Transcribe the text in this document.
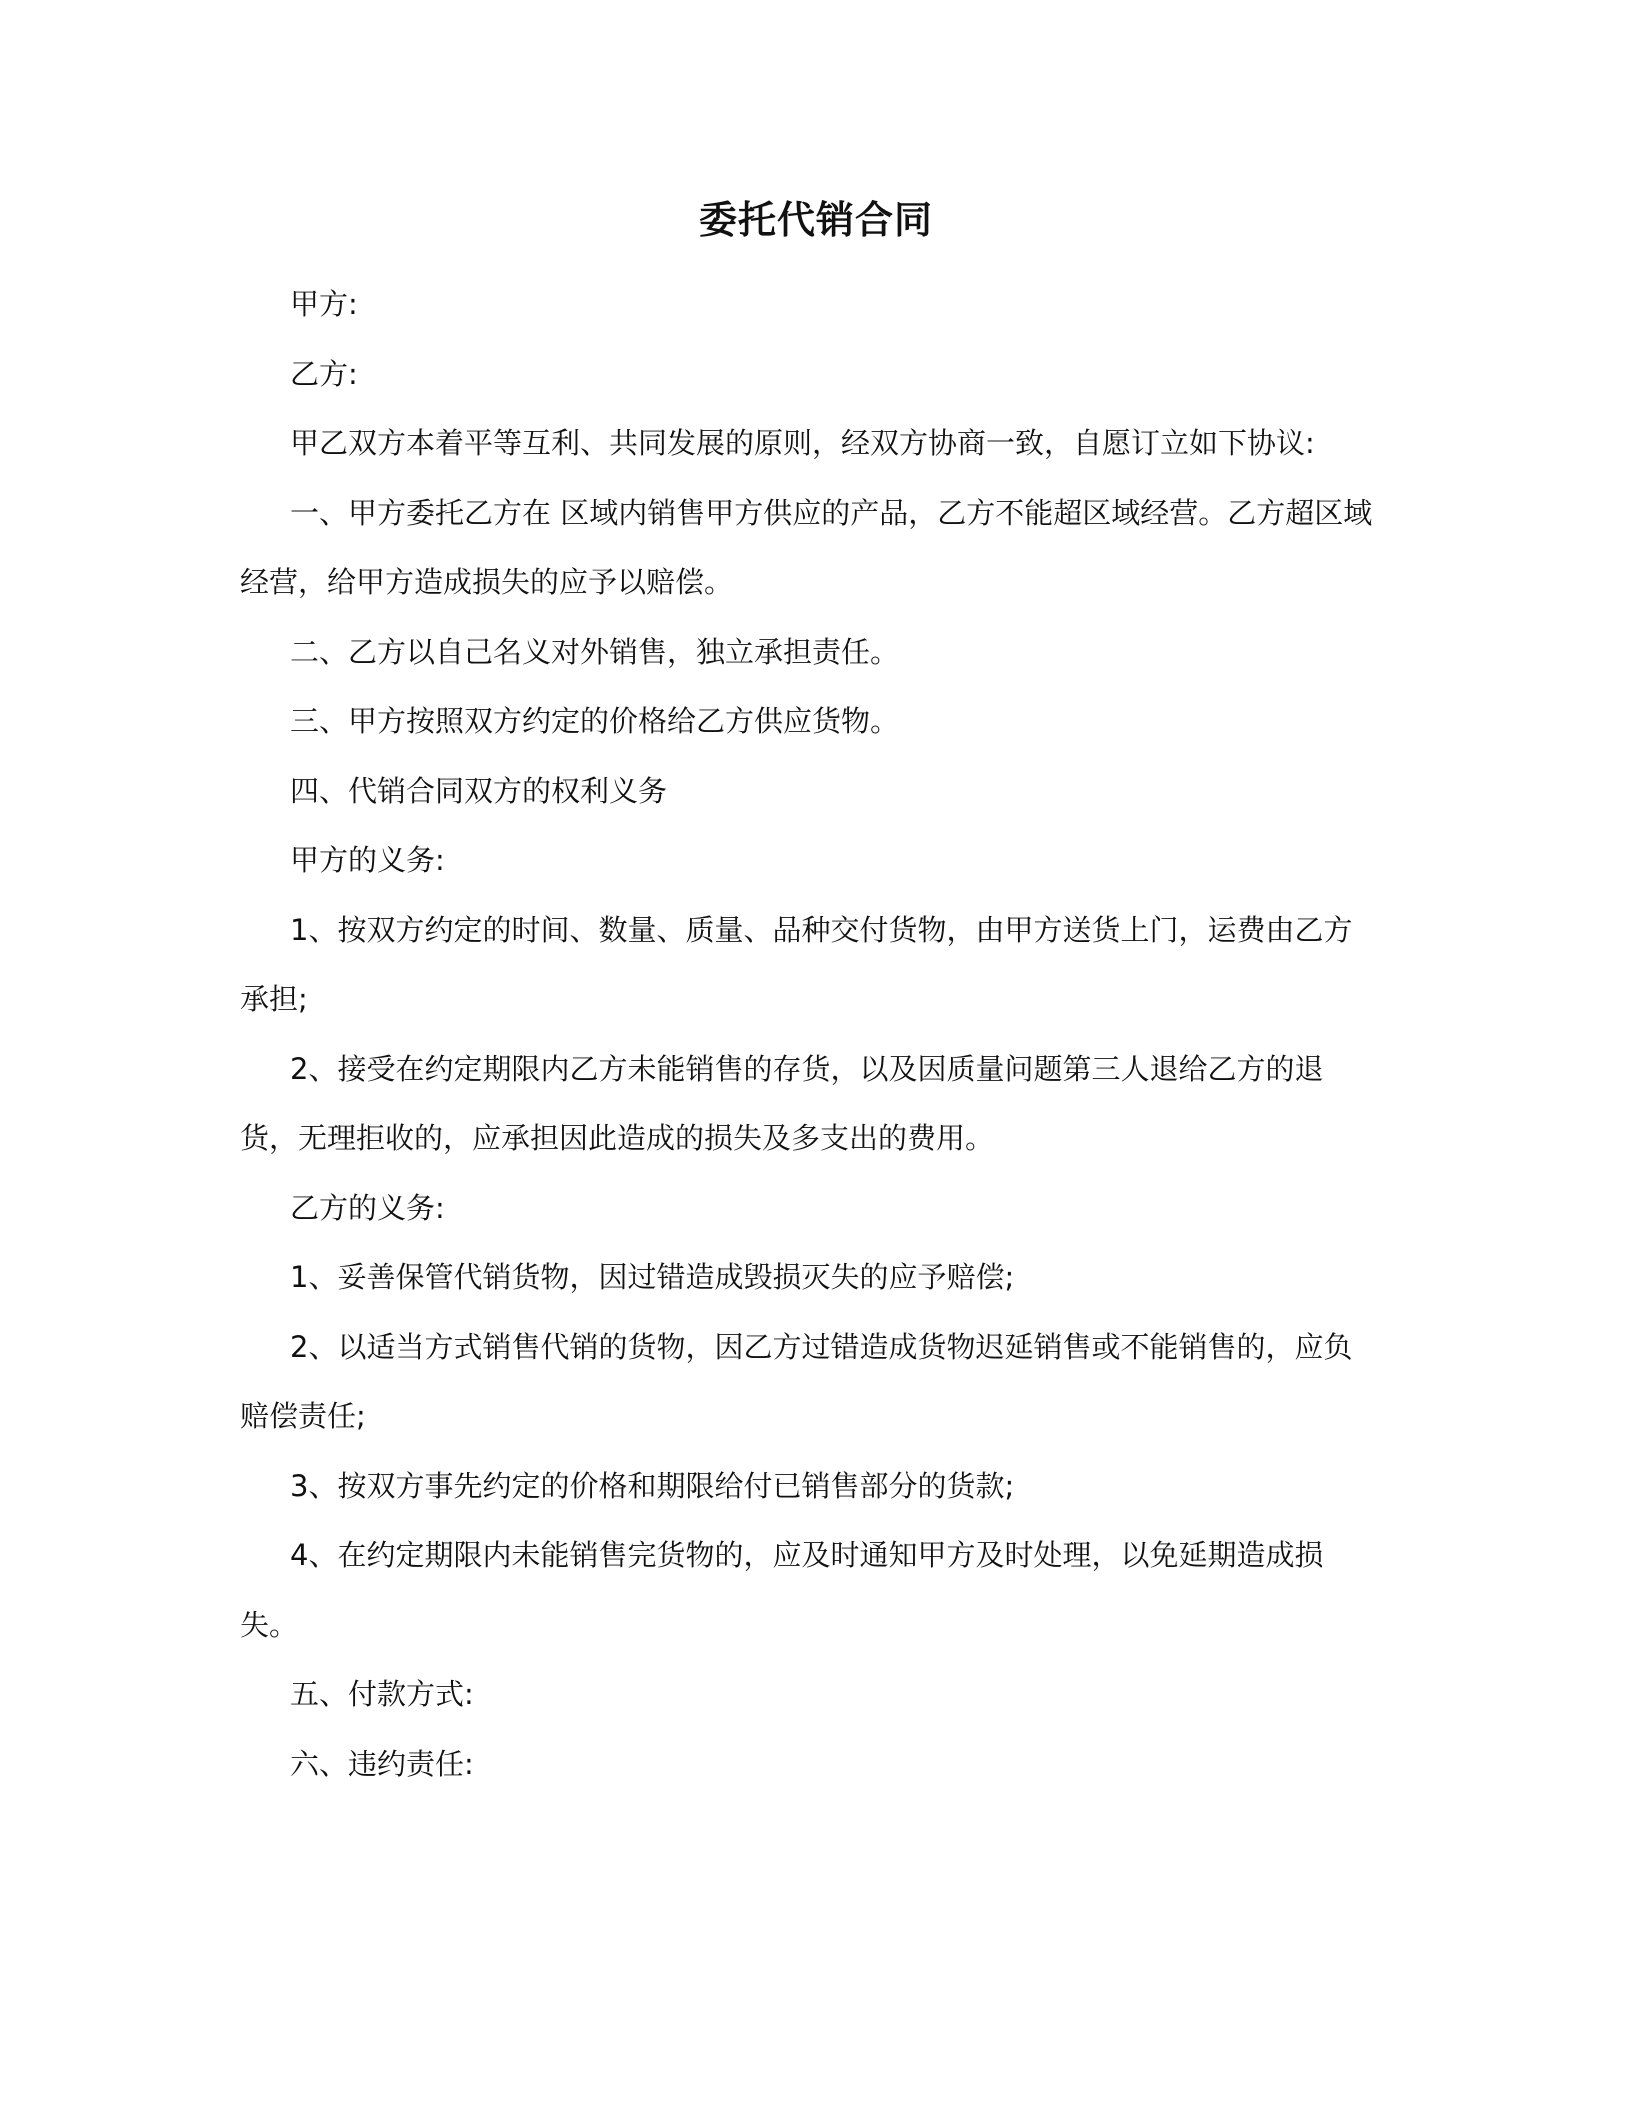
委托代销合同

甲方:

乙方:

甲乙双方本着平等互利、共同发展的原则，经双方协商一致，自愿订立如下协议:

一、甲方委托乙方在 区域内销售甲方供应的产品，乙方不能超区域经营。乙方超区域经营，给甲方造成损失的应予以赔偿。

二、乙方以自己名义对外销售，独立承担责任。

三、甲方按照双方约定的价格给乙方供应货物。

四、代销合同双方的权利义务

甲方的义务:

1、按双方约定的时间、数量、质量、品种交付货物，由甲方送货上门，运费由乙方承担;

2、接受在约定期限内乙方未能销售的存货，以及因质量问题第三人退给乙方的退货，无理拒收的，应承担因此造成的损失及多支出的费用。

乙方的义务:

1、妥善保管代销货物，因过错造成毁损灭失的应予赔偿;

2、以适当方式销售代销的货物，因乙方过错造成货物迟延销售或不能销售的，应负赔偿责任;

3、按双方事先约定的价格和期限给付已销售部分的货款;

4、在约定期限内未能销售完货物的，应及时通知甲方及时处理，以免延期造成损失。

五、付款方式:

六、违约责任:
